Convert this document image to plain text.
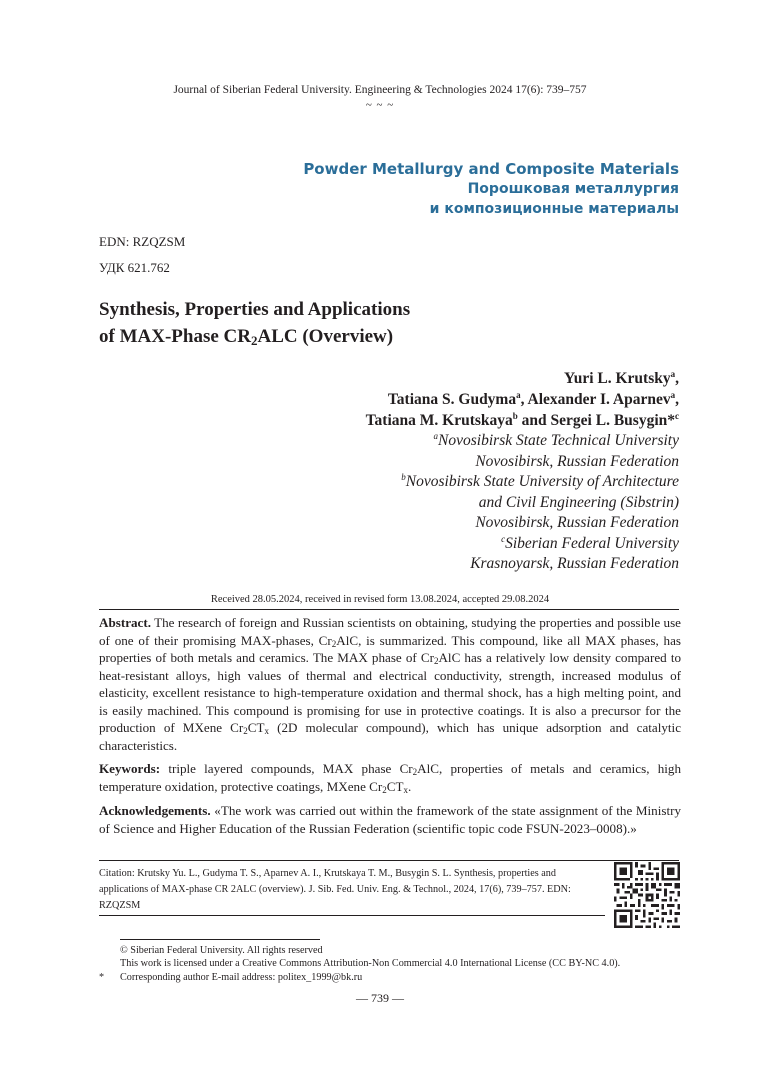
Journal of Siberian Federal University. Engineering & Technologies 2024 17(6): 739–757
~ ~ ~
Powder Metallurgy and Composite Materials
Порошковая металлургия
и композиционные материалы
EDN: RZQZSM
УДК 621.762
Synthesis, Properties and Applications
of MAX-Phase $CR_2ALC$ (Overview)
Yuri L. Krutsky$^a$,
Tatiana S. Gudyma$^a$, Alexander I. Aparnev$^a$,
Tatiana M. Krutskaya$^b$ and Sergei L. Busygin*$^c$
$^a$Novosibirsk State Technical University
Novosibirsk, Russian Federation
$^b$Novosibirsk State University of Architecture
and Civil Engineering (Sibstrin)
Novosibirsk, Russian Federation
$^c$Siberian Federal University
Krasnoyarsk, Russian Federation
Received 28.05.2024, received in revised form 13.08.2024, accepted 29.08.2024
Abstract. The research of foreign and Russian scientists on obtaining, studying the properties and possible use of one of their promising MAX-phases, $Cr_2AlC$, is summarized. This compound, like all MAX phases, has properties of both metals and ceramics. The MAX phase of $Cr_2AlC$ has a relatively low density compared to heat-resistant alloys, high values of thermal and electrical conductivity, strength, increased modulus of elasticity, excellent resistance to high-temperature oxidation and thermal shock, has a high melting point, and is easily machined. This compound is promising for use in protective coatings. It is also a precursor for the production of MXene $Cr_2CT_x$ (2D molecular compound), which has unique adsorption and catalytic characteristics.
Keywords: triple layered compounds, MAX phase $Cr_2AlC$, properties of metals and ceramics, high temperature oxidation, protective coatings, MXene $Cr_2CT_x$.
Acknowledgements. «The work was carried out within the framework of the state assignment of the Ministry of Science and Higher Education of the Russian Federation (scientific topic code FSUN-2023–0008).»
Citation: Krutsky Yu. L., Gudyma T. S., Aparnev A. I., Krutskaya T. M., Busygin S. L. Synthesis, properties and applications of MAX-phase CR 2ALC (overview). J. Sib. Fed. Univ. Eng. & Technol., 2024, 17(6), 739–757. EDN: RZQZSM
© Siberian Federal University. All rights reserved
This work is licensed under a Creative Commons Attribution-Non Commercial 4.0 International License (CC BY-NC 4.0).
* Corresponding author E-mail address: politex_1999@bk.ru
— 739 —
